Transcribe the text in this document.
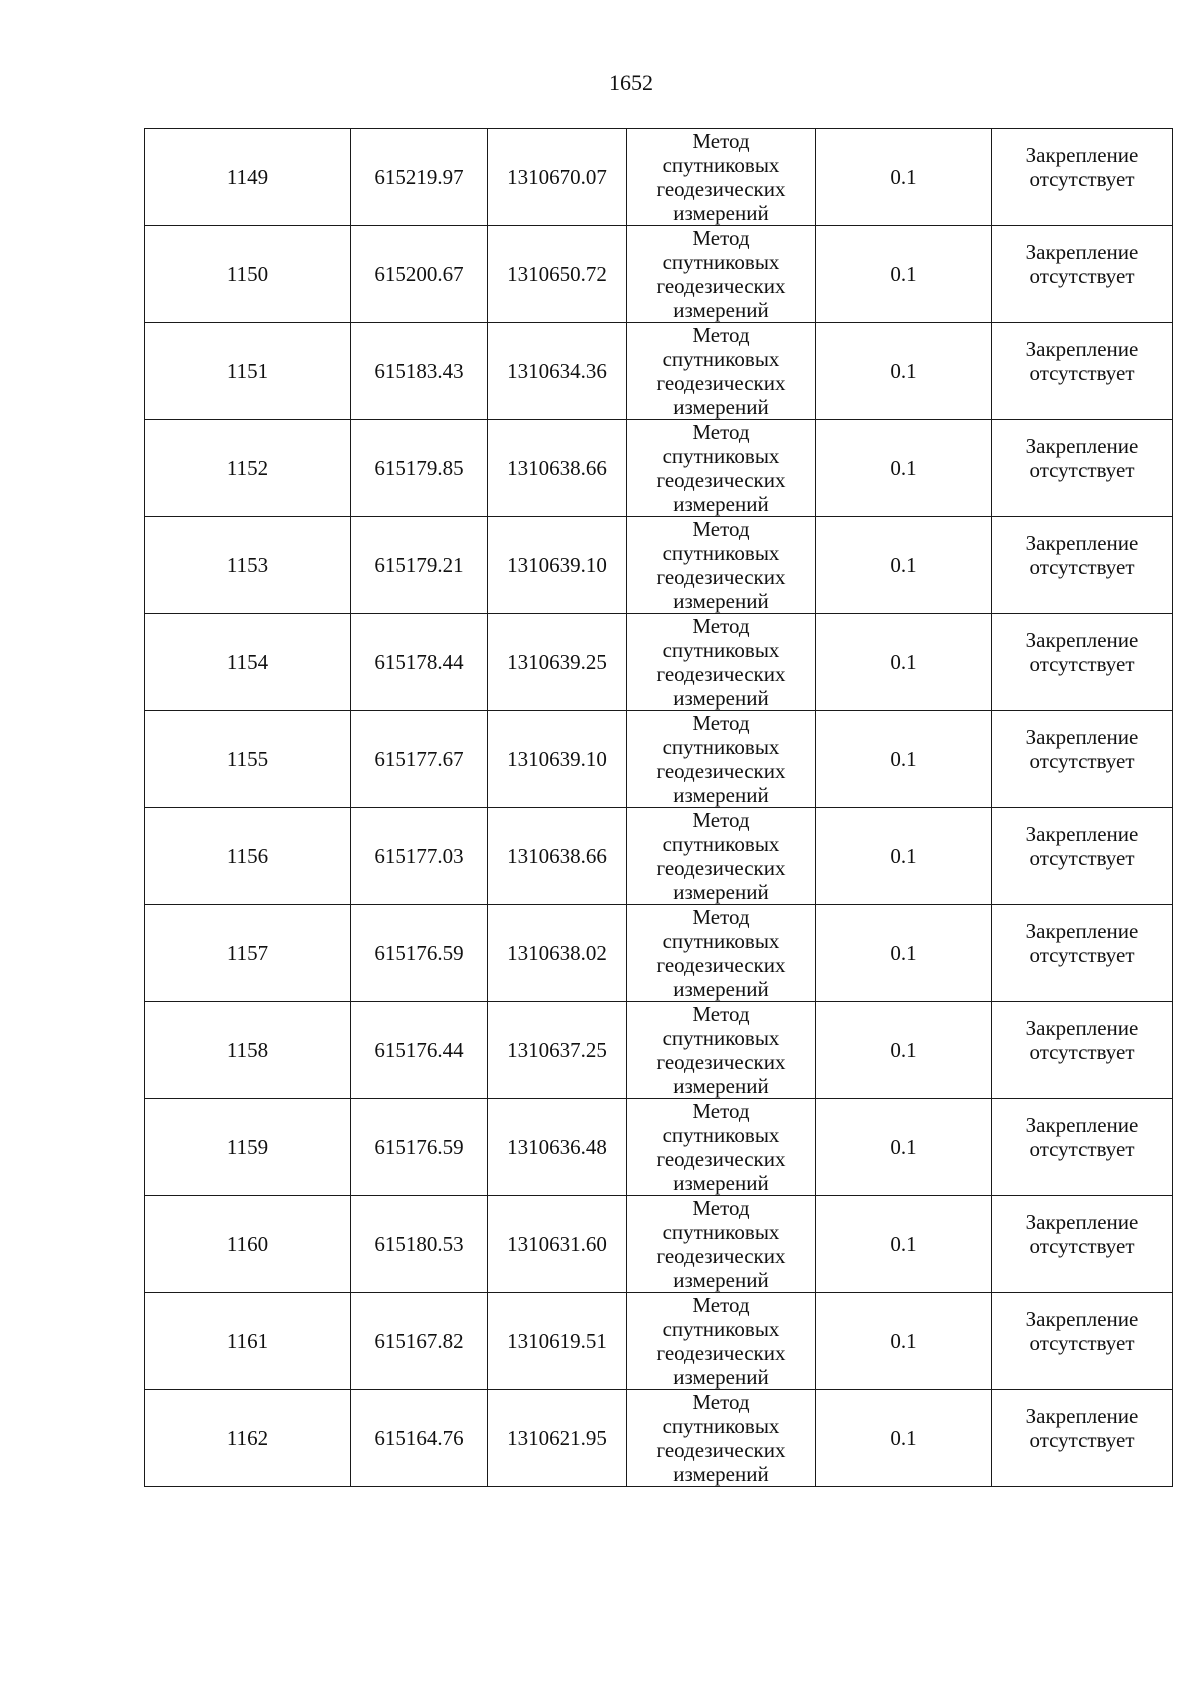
1652
1149	615219.97	1310670.07	Метод
спутниковых
геодезических
измерений	0.1	Закрепление
отсутствует

1150	615200.67	1310650.72	Метод
спутниковых
геодезических
измерений	0.1	Закрепление
отсутствует

1151	615183.43	1310634.36	Метод
спутниковых
геодезических
измерений	0.1	Закрепление
отсутствует

1152	615179.85	1310638.66	Метод
спутниковых
геодезических
измерений	0.1	Закрепление
отсутствует

1153	615179.21	1310639.10	Метод
спутниковых
геодезических
измерений	0.1	Закрепление
отсутствует

1154	615178.44	1310639.25	Метод
спутниковых
геодезических
измерений	0.1	Закрепление
отсутствует

1155	615177.67	1310639.10	Метод
спутниковых
геодезических
измерений	0.1	Закрепление
отсутствует

1156	615177.03	1310638.66	Метод
спутниковых
геодезических
измерений	0.1	Закрепление
отсутствует

1157	615176.59	1310638.02	Метод
спутниковых
геодезических
измерений	0.1	Закрепление
отсутствует

1158	615176.44	1310637.25	Метод
спутниковых
геодезических
измерений	0.1	Закрепление
отсутствует

1159	615176.59	1310636.48	Метод
спутниковых
геодезических
измерений	0.1	Закрепление
отсутствует

1160	615180.53	1310631.60	Метод
спутниковых
геодезических
измерений	0.1	Закрепление
отсутствует

1161	615167.82	1310619.51	Метод
спутниковых
геодезических
измерений	0.1	Закрепление
отсутствует

1162	615164.76	1310621.95	Метод
спутниковых
геодезических
измерений	0.1	Закрепление
отсутствует
